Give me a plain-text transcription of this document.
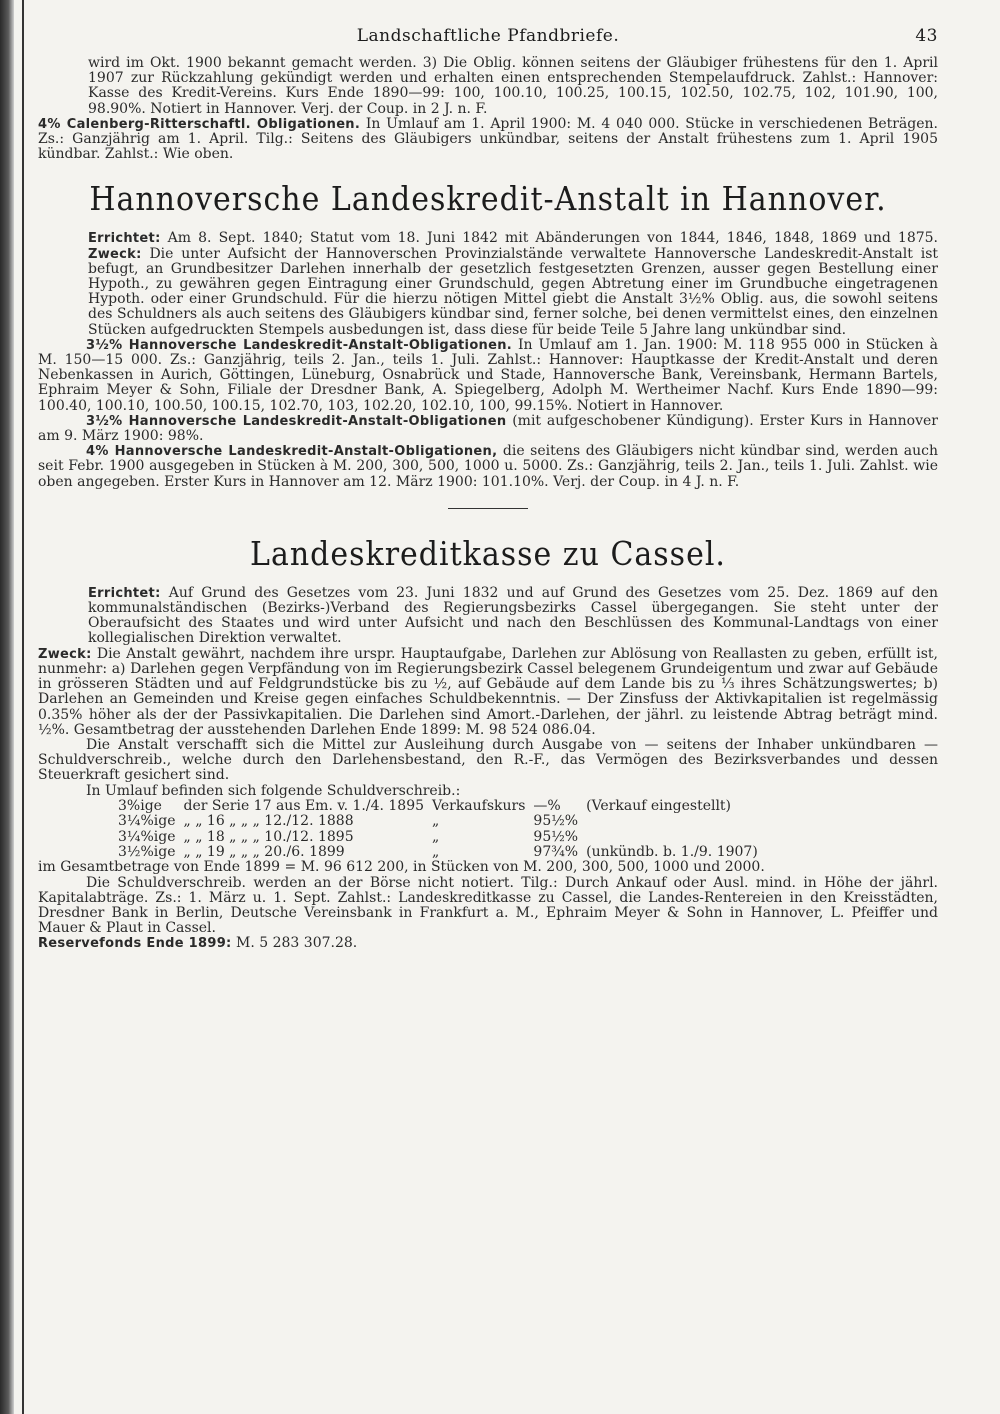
Landschaftliche Pfandbriefe.	43

wird im Okt. 1900 bekannt gemacht werden. 3) Die Oblig. können seitens der Gläubiger frühestens für den 1. April 1907 zur Rückzahlung gekündigt werden und erhalten einen entsprechenden Stempelaufdruck. Zahlst.: Hannover: Kasse des Kredit-Vereins. Kurs Ende 1890—99: 100, 100.10, 100.25, 100.15, 102.50, 102.75, 102, 101.90, 100, 98.90%. Notiert in Hannover. Verj. der Coup. in 2 J. n. F.

4% Calenberg-Ritterschaftl. Obligationen. In Umlauf am 1. April 1900: M. 4 040 000. Stücke in verschiedenen Beträgen. Zs.: Ganzjährig am 1. April. Tilg.: Seitens des Gläubigers unkündbar, seitens der Anstalt frühestens zum 1. April 1905 kündbar. Zahlst.: Wie oben.

Hannoversche Landeskredit-Anstalt in Hannover.

Errichtet: Am 8. Sept. 1840; Statut vom 18. Juni 1842 mit Abänderungen von 1844, 1846, 1848, 1869 und 1875. Zweck: Die unter Aufsicht der Hannoverschen Provinzialstände verwaltete Hannoversche Landeskredit-Anstalt ist befugt, an Grundbesitzer Darlehen innerhalb der gesetzlich festgesetzten Grenzen, ausser gegen Bestellung einer Hypoth., zu gewähren gegen Eintragung einer Grundschuld, gegen Abtretung einer im Grundbuche eingetragenen Hypoth. oder einer Grundschuld. Für die hierzu nötigen Mittel giebt die Anstalt 3½% Oblig. aus, die sowohl seitens des Schuldners als auch seitens des Gläubigers kündbar sind, ferner solche, bei denen vermittelst eines, den einzelnen Stücken aufgedruckten Stempels ausbedungen ist, dass diese für beide Teile 5 Jahre lang unkündbar sind.

3½% Hannoversche Landeskredit-Anstalt-Obligationen. In Umlauf am 1. Jan. 1900: M. 118 955 000 in Stücken à M. 150—15 000. Zs.: Ganzjährig, teils 2. Jan., teils 1. Juli. Zahlst.: Hannover: Hauptkasse der Kredit-Anstalt und deren Nebenkassen in Aurich, Göttingen, Lüneburg, Osnabrück und Stade, Hannoversche Bank, Vereinsbank, Hermann Bartels, Ephraim Meyer & Sohn, Filiale der Dresdner Bank, A. Spiegelberg, Adolph M. Wertheimer Nachf. Kurs Ende 1890—99: 100.40, 100.10, 100.50, 100.15, 102.70, 103, 102.20, 102.10, 100, 99.15%. Notiert in Hannover.

3½% Hannoversche Landeskredit-Anstalt-Obligationen (mit aufgeschobener Kündigung). Erster Kurs in Hannover am 9. März 1900: 98%.

4% Hannoversche Landeskredit-Anstalt-Obligationen, die seitens des Gläubigers nicht kündbar sind, werden auch seit Febr. 1900 ausgegeben in Stücken à M. 200, 300, 500, 1000 u. 5000. Zs.: Ganzjährig, teils 2. Jan., teils 1. Juli. Zahlst. wie oben angegeben. Erster Kurs in Hannover am 12. März 1900: 101.10%. Verj. der Coup. in 4 J. n. F.

Landeskreditkasse zu Cassel.

Errichtet: Auf Grund des Gesetzes vom 23. Juni 1832 und auf Grund des Gesetzes vom 25. Dez. 1869 auf den kommunalständischen (Bezirks-)Verband des Regierungsbezirks Cassel übergegangen. Sie steht unter der Oberaufsicht des Staates und wird unter Aufsicht und nach den Beschlüssen des Kommunal-Landtags von einer kollegialischen Direktion verwaltet.

Zweck: Die Anstalt gewährt, nachdem ihre urspr. Hauptaufgabe, Darlehen zur Ablösung von Reallasten zu geben, erfüllt ist, nunmehr: a) Darlehen gegen Verpfändung von im Regierungsbezirk Cassel belegenem Grundeigentum und zwar auf Gebäude in grösseren Städten und auf Feldgrundstücke bis zu ½, auf Gebäude auf dem Lande bis zu ⅓ ihres Schätzungswertes; b) Darlehen an Gemeinden und Kreise gegen einfaches Schuldbekenntnis. — Der Zinsfuss der Aktivkapitalien ist regelmässig 0.35% höher als der der Passivkapitalien. Die Darlehen sind Amort.-Darlehen, der jährl. zu leistende Abtrag beträgt mind. ½%. Gesamtbetrag der ausstehenden Darlehen Ende 1899: M. 98 524 086.04.

Die Anstalt verschafft sich die Mittel zur Ausleihung durch Ausgabe von — seitens der Inhaber unkündbaren — Schuldverschreib., welche durch den Darlehensbestand, den R.-F., das Vermögen des Bezirksverbandes und dessen Steuerkraft gesichert sind.

In Umlauf befinden sich folgende Schuldverschreib.:

3%ige	der Serie 17 aus Em. v. 1./4. 1895	Verkaufskurs	—%	(Verkauf eingestellt)
3¼%ige	„ „ 16 „ „ „ 12./12. 1888	„	95½%	
3¼%ige	„ „ 18 „ „ „ 10./12. 1895	„	95½%	
3½%ige	„ „ 19 „ „ „ 20./6. 1899	„	97¾%	(unkündb. b. 1./9. 1907)

im Gesamtbetrage von Ende 1899 = M. 96 612 200, in Stücken von M. 200, 300, 500, 1000 und 2000.

Die Schuldverschreib. werden an der Börse nicht notiert. Tilg.: Durch Ankauf oder Ausl. mind. in Höhe der jährl. Kapitalabträge. Zs.: 1. März u. 1. Sept. Zahlst.: Landeskreditkasse zu Cassel, die Landes-Rentereien in den Kreisstädten, Dresdner Bank in Berlin, Deutsche Vereinsbank in Frankfurt a. M., Ephraim Meyer & Sohn in Hannover, L. Pfeiffer und Mauer & Plaut in Cassel.

Reservefonds Ende 1899: M. 5 283 307.28.
